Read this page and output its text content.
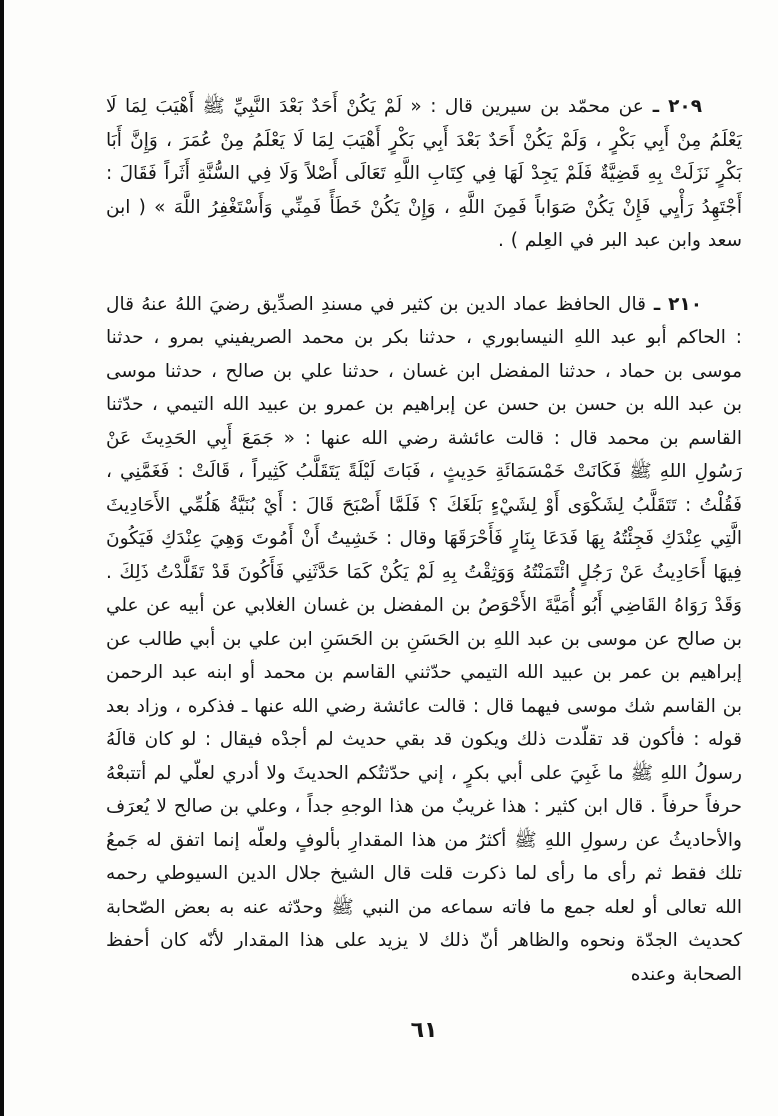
٢٠٩ ـ عن محمّد بن سيرين قال : « لَمْ يَكُنْ أَحَدٌ بَعْدَ النَّبِيِّ ﷺ أَهْيَبَ لِمَا لَا يَعْلَمُ مِنْ أَبِي بَكْرٍ ، وَلَمْ يَكُنْ أَحَدٌ بَعْدَ أَبِي بَكْرٍ أَهْيَبَ لِمَا لَا يَعْلَمُ مِنْ عُمَرَ ، وَإِنَّ أَبَا بَكْرٍ نَزَلَتْ بِهِ قَضِيَّةٌ فَلَمْ يَجِدْ لَهَا فِي كِتَابِ اللَّهِ تَعَالَى أَصْلاً وَلَا فِي السُّنَّةِ أَثَراً فَقَالَ : أَجْتَهِدُ رَأْيِي فَإِنْ يَكُنْ صَوَاباً فَمِنَ اللَّهِ ، وَإِنْ يَكُنْ خَطَأً فَمِنِّي وَأَسْتَغْفِرُ اللَّهَ » ( ابن سعد وابن عبد البر في العِلم ) .

٢١٠ ـ قال الحافظ عماد الدين بن كثير في مسندِ الصدِّيق رضيَ اللهُ عنهُ قال : الحاكم أبو عبد اللهِ النيسابوري ، حدثنا بكر بن محمد الصريفيني بمرو ، حدثنا موسى بن حماد ، حدثنا المفضل ابن غسان ، حدثنا علي بن صالح ، حدثنا موسى بن عبد الله بن حسن بن حسن عن إبراهيم بن عمرو بن عبيد الله التيمي ، حدّثنا القاسم بن محمد قال : قالت عائشة رضي الله عنها : « جَمَعَ أَبِي الحَدِيثَ عَنْ رَسُولِ اللهِ ﷺ فَكَانَتْ خَمْسَمَائَةِ حَدِيثٍ ، فَبَاتَ لَيْلَةً يَتَقَلَّبُ كَثِيراً ، قَالَتْ : فَغَمَّنِي ، فَقُلْتُ : تَتَقَلَّبُ لِشَكْوَى أَوْ لِشَيْءٍ بَلَغَكَ ؟ فَلَمَّا أَصْبَحَ قَالَ : أَيْ بُنَيَّةُ هَلُمِّي الأَحَادِيثَ الَّتِي عِنْدَكِ فَجِئْتُهُ بِهَا فَدَعَا بِنَارٍ فَأَحْرَقَهَا وقال : خَشِيتُ أَنْ أَمُوتَ وَهِيَ عِنْدَكِ فَيَكُونَ فِيهَا أَحَادِيثُ عَنْ رَجُلٍ ائْتَمَنْتُهُ وَوَثِقْتُ بِهِ لَمْ يَكُنْ كَمَا حَدَّثَنِي فَأَكُونَ قَدْ تَقَلَّدْتُ ذَلِكَ . وَقَدْ رَوَاهُ القَاضِي أَبُو أُمَيَّةَ الأَحْوَصُ بن المفضل بن غسان الغلابي عن أبيه عن علي بن صالح عن موسى بن عبد اللهِ بن الحَسَنِ بن الحَسَنِ ابن علي بن أبي طالب عن إبراهيم بن عمر بن عبيد الله التيمي حدّثني القاسم بن محمد أو ابنه عبد الرحمن بن القاسم شك موسى فيهما قال : قالت عائشة رضي الله عنها ـ فذكره ، وزاد بعد قوله : فأكون قد تقلّدت ذلك ويكون قد بقي حديث لم أجدْه فيقال : لو كان قالَهُ رسولُ اللهِ ﷺ ما غَبِيَ على أبي بكرٍ ، إني حدّثتُكم الحديثَ ولا أدري لعلّي لم أتتبعْهُ حرفاً حرفاً . قال ابن كثير : هذا غريبٌ من هذا الوجهِ جداً ، وعلي بن صالح لا يُعرَف والأحاديثُ عن رسولِ اللهِ ﷺ أكثرُ من هذا المقدارِ بألوفٍ ولعلّه إنما اتفق له جَمعُ تلك فقط ثم رأى ما رأى لما ذكرت قلت قال الشيخ جلال الدين السيوطي رحمه الله تعالى أو لعله جمع ما فاته سماعه من النبي ﷺ وحدّثه عنه به بعض الصّحابة كحديث الجدّة ونحوه والظاهر أنّ ذلك لا يزيد على هذا المقدار لأنّه كان أحفظ الصحابة وعنده

٦١
